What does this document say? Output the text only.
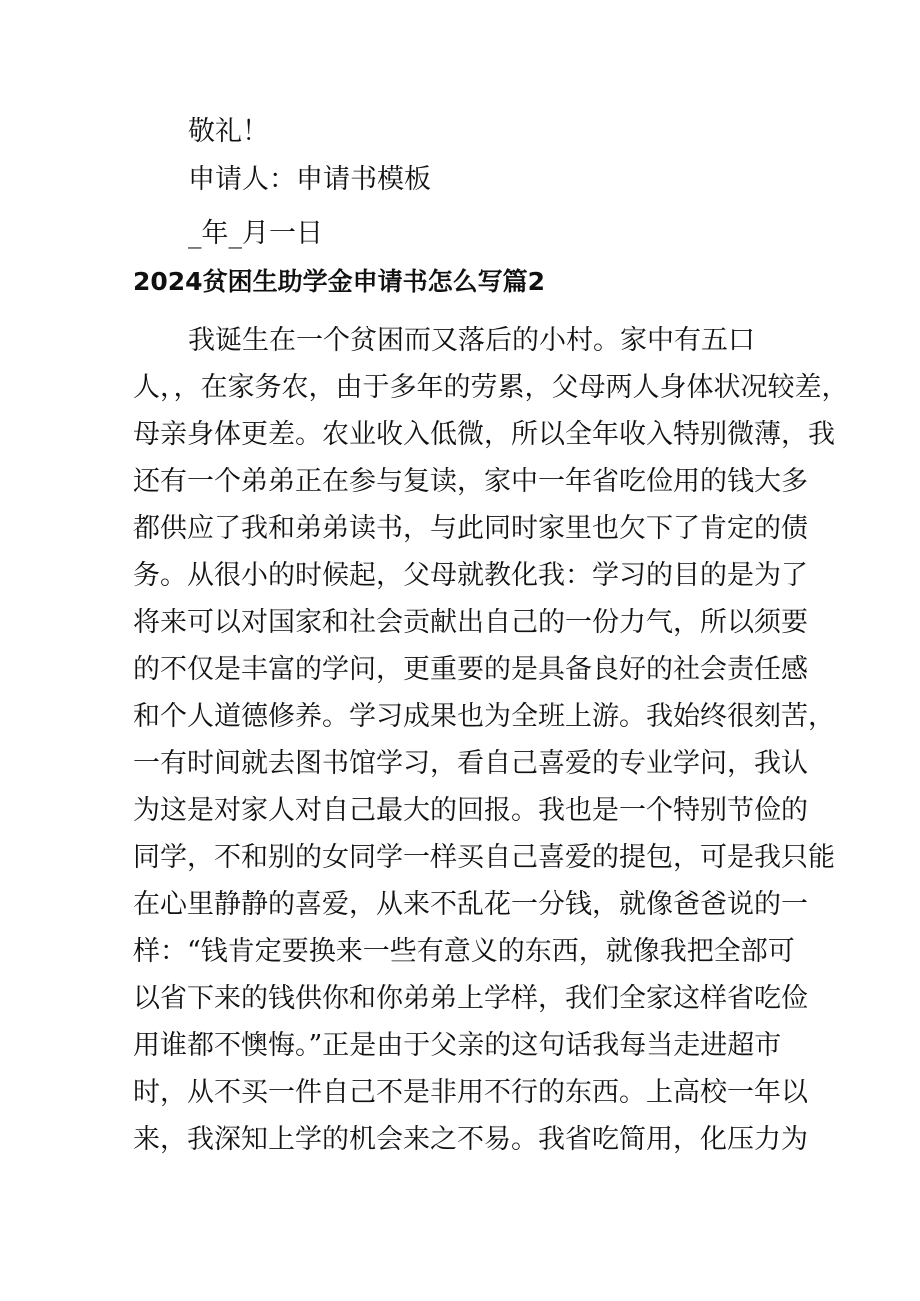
敬礼！
申请人：申请书模板
_年_月一日
2024贫困生助学金申请书怎么写篇2
我诞生在一个贫困而又落后的小村。家中有五口
人，，在家务农，由于多年的劳累，父母两人身体状况较差，
母亲身体更差。农业收入低微，所以全年收入特别微薄，我
还有一个弟弟正在参与复读，家中一年省吃俭用的钱大多
都供应了我和弟弟读书，与此同时家里也欠下了肯定的债
务。从很小的时候起，父母就教化我：学习的目的是为了
将来可以对国家和社会贡献出自己的一份力气，所以须要
的不仅是丰富的学问，更重要的是具备良好的社会责任感
和个人道德修养。学习成果也为全班上游。我始终很刻苦，
一有时间就去图书馆学习，看自己喜爱的专业学问，我认
为这是对家人对自己最大的回报。我也是一个特别节俭的
同学，不和别的女同学一样买自己喜爱的提包，可是我只能
在心里静静的喜爱，从来不乱花一分钱，就像爸爸说的一
样：“钱肯定要换来一些有意义的东西，就像我把全部可
以省下来的钱供你和你弟弟上学样，我们全家这样省吃俭
用谁都不懊悔。”正是由于父亲的这句话我每当走进超市
时，从不买一件自己不是非用不行的东西。上高校一年以
来，我深知上学的机会来之不易。我省吃简用，化压力为
